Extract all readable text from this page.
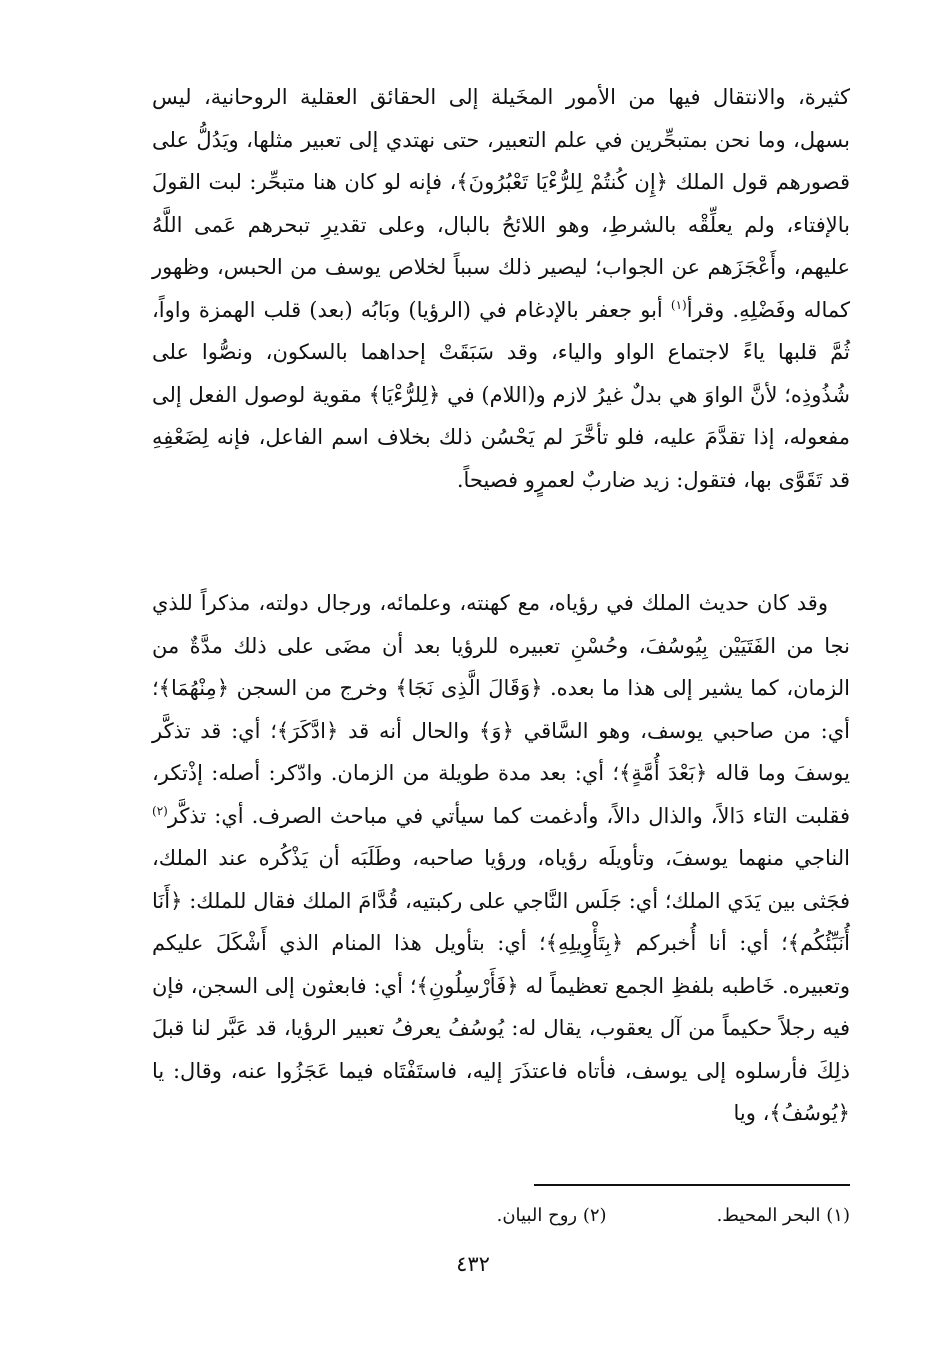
كثيرة، والانتقال فيها من الأمور المخَيلة إلى الحقائق العقلية الروحانية، ليس بسهل، وما نحن بمتبحِّرين في علم التعبير، حتى نهتدي إلى تعبير مثلها، ويَدُلُّ على قصورهم قول الملك ﴿إِن كُنتُمْ لِلرُّءْيَا تَعْبُرُونَ﴾، فإنه لو كان هنا متبحِّر: لبت القولَ بالإفتاء، ولم يعلِّقْه بالشرطِ، وهو اللائحُ بالبال، وعلى تقديرِ تبحرهم عَمى اللَّهُ عليهم، وأَعْجَزَهم عن الجواب؛ ليصير ذلك سبباً لخلاص يوسف من الحبس، وظهور كماله وفَضْلِهِ. وقرأ$^{(١)}$ أبو جعفر بالإدغام في (الرؤيا) وبَابُه (بعد) قلب الهمزة واواً، ثُمَّ قلبها ياءً لاجتماع الواو والياء، وقد سَبَقَتْ إحداهما بالسكون، ونصُّوا على شُذُوذِه؛ لأنَّ الواوَ هي بدلٌ غيرُ لازم و(اللام) في ﴿لِلرُّءْيَا﴾ مقوية لوصول الفعل إلى مفعوله، إذا تقدَّمَ عليه، فلو تأخَّرَ لم يَحْسُن ذلك بخلاف اسم الفاعل، فإنه لِضَعْفِهِ قد تَقَوَّى بها، فتقول: زيد ضاربٌ لعمرٍو فصيحاً.

وقد كان حديث الملك في رؤياه، مع كهنته، وعلمائه، ورجال دولته، مذكراً للذي نجا من الفَتَيَيْن بِيُوسُفَ، وحُسْنِ تعبيره للرؤيا بعد أن مضَى على ذلك مدَّةٌ من الزمان، كما يشير إلى هذا ما بعده. ﴿وَقَالَ الَّذِى نَجَا﴾ وخرج من السجن ﴿مِنْهُمَا﴾؛ أي: من صاحبي يوسف، وهو السَّاقي ﴿وَ﴾ والحال أنه قد ﴿ادَّكَرَ﴾؛ أي: قد تذكَّر يوسفَ وما قاله ﴿بَعْدَ أُمَّةٍ﴾؛ أي: بعد مدة طويلة من الزمان. وادّكر: أصله: إذْتكر، فقلبت التاء دَالاً، والذال دالاً، وأدغمت كما سيأتي في مباحث الصرف. أي: تذكَّر$^{(٢)}$ الناجي منهما يوسفَ، وتأويلَه رؤياه، ورؤيا صاحبه، وطَلَبَه أن يَذْكُره عند الملك، فجَثى بين يَدَي الملك؛ أي: جَلَس النَّاجي على ركبتيه، قُدَّامَ الملك فقال للملك: ﴿أَنَا أُنَبِّئُكُم﴾؛ أي: أنا أُخبركم ﴿بِتَأْوِيلِهِ﴾؛ أي: بتأويل هذا المنام الذي أَشْكَلَ عليكم وتعبيره. خَاطبه بلفظِ الجمع تعظيماً له ﴿فَأَرْسِلُونِ﴾؛ أي: فابعثون إلى السجن، فإن فيه رجلاً حكيماً من آل يعقوب، يقال له: يُوسُفُ يعرفُ تعبير الرؤيا، قد عَبَّر لنا قبلَ ذلِكَ فأرسلوه إلى يوسف، فأتاه فاعتذَرَ إليه، فاستَفْتَاه فيما عَجَزُوا عنه، وقال: يا ﴿يُوسُفُ﴾، ويا

(١) البحر المحيط.
(٢) روح البيان.
٤٣٢
